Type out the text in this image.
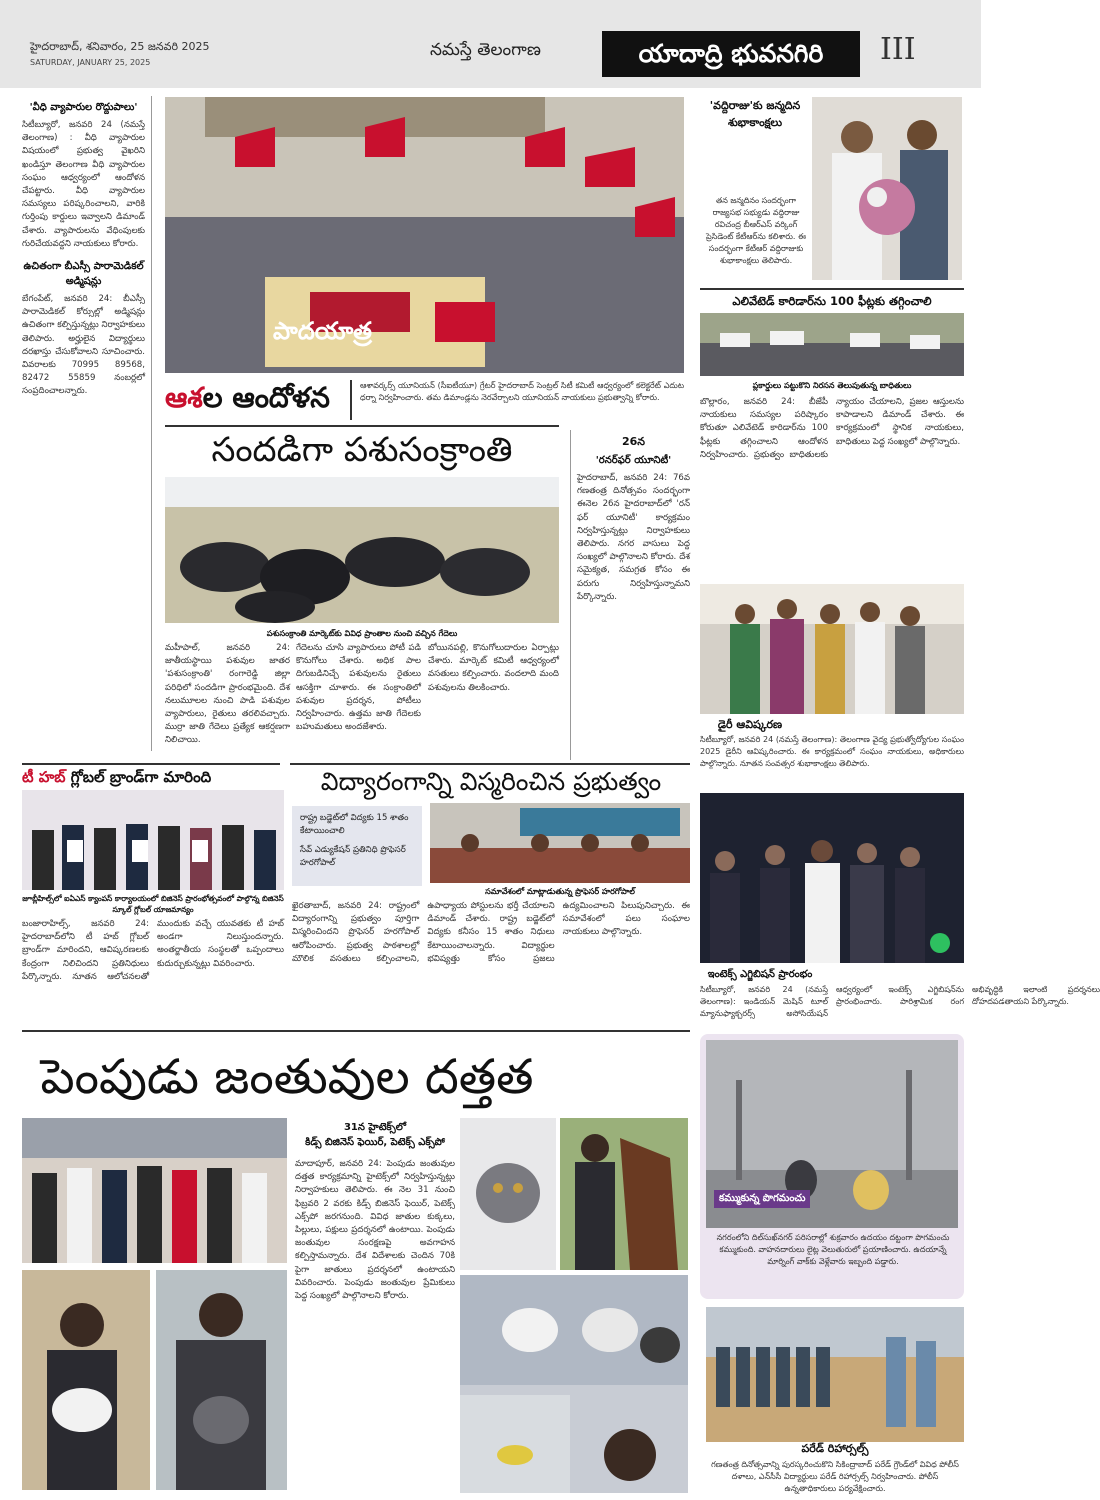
హైదరాబాద్, శనివారం, 25 జనవరి 2025
SATURDAY, JANUARY 25, 2025
నమస్తే తెలంగాణ	యాదాద్రి భువనగిరి	III
'వీధి వ్యాపారుల రొద్దుపాలు'

సిటీబ్యూరో, జనవరి 24 (నమస్తే తెలంగాణ) : వీధి వ్యాపారుల విషయంలో ప్రభుత్వ వైఖరిని ఖండిస్తూ తెలంగాణ వీధి వ్యాపారుల సంఘం ఆధ్వర్యంలో ఆందోళన చేపట్టారు. వీధి వ్యాపారుల సమస్యలు పరిష్కరించాలని, వారికి గుర్తింపు కార్డులు ఇవ్వాలని డిమాండ్ చేశారు. వ్యాపారులను వేధింపులకు గురిచేయవద్దని నాయకులు కోరారు.

ఉచితంగా బీఎస్సీ పారామెడికల్ అడ్మిషన్లు

బేగంపేట్, జనవరి 24: బీఎస్సీ పారామెడికల్ కోర్సుల్లో అడ్మిషన్లు ఉచితంగా కల్పిస్తున్నట్లు నిర్వాహకులు తెలిపారు. అర్హులైన విద్యార్థులు దరఖాస్తు చేసుకోవాలని సూచించారు. వివరాలకు 70995 89568, 82472 55859 నంబర్లలో సంప్రదించాలన్నారు.

పాదయాత్ర
ఆశల ఆందోళన	ఆశావర్కర్స్ యూనియన్ (సీఐటీయూ) గ్రేటర్ హైదరాబాద్ సెంట్రల్ సిటీ కమిటీ ఆధ్వర్యంలో కలెక్టరేట్ ఎదుట ధర్నా నిర్వహించారు. తమ డిమాండ్లను నెరవేర్చాలని యూనియన్ నాయకులు ప్రభుత్వాన్ని కోరారు.
'వద్దిరాజు'కు జన్మదిన శుభాకాంక్షలు
తన జన్మదినం సందర్భంగా రాజ్యసభ సభ్యుడు వద్దిరాజు రవిచంద్ర బీఆర్ఎస్ వర్కింగ్ ప్రెసిడెంట్ కేటీఆర్‌ను కలిశారు. ఈ సందర్భంగా కేటీఆర్ వద్దిరాజుకు శుభాకాంక్షలు తెలిపారు.
ఎలివేటెడ్ కారిడార్‌ను 100 ఫీట్లకు తగ్గించాలి
ప్లకార్డులు పట్టుకొని నిరసన తెలుపుతున్న బాధితులు
బొల్లారం, జనవరి 24: బీజేపీ నాయకులు సమస్యల పరిష్కారం కోరుతూ ఎలివేటెడ్ కారిడార్‌ను 100 ఫీట్లకు తగ్గించాలని ఆందోళన నిర్వహించారు. ప్రభుత్వం బాధితులకు న్యాయం చేయాలని, ప్రజల ఆస్తులను కాపాడాలని డిమాండ్ చేశారు. ఈ కార్యక్రమంలో స్థానిక నాయకులు, బాధితులు పెద్ద సంఖ్యలో పాల్గొన్నారు.
సందడిగా పశుసంక్రాంతి
పశుసంక్రాంతి మార్కెట్‌కు వివిధ ప్రాంతాల నుంచి వచ్చిన గేదెలు
మహీపాల్, జనవరి 24: జాతీయస్థాయి పశువుల జాతర 'పశుసంక్రాంతి' రంగారెడ్డి జిల్లా పరిధిలో సందడిగా ప్రారంభమైంది. దేశ నలుమూలల నుంచి పాడి పశువుల వ్యాపారులు, రైతులు తరలివచ్చారు. ముర్రా జాతి గేదెలు ప్రత్యేక ఆకర్షణగా నిలిచాయి.
గేదెలను చూసి వ్యాపారులు పోటీ పడి కొనుగోలు చేశారు. అధిక పాల దిగుబడినిచ్చే పశువులను రైతులు ఆసక్తిగా చూశారు. ఈ సంక్రాంతిలో పశువుల ప్రదర్శన, పోటీలు నిర్వహించారు. ఉత్తమ జాతి గేదెలకు బహుమతులు అందజేశారు.
బోయినపల్లి, కొనుగోలుదారుల ఏర్పాట్లు చేశారు. మార్కెట్ కమిటీ ఆధ్వర్యంలో వసతులు కల్పించారు. వందలాది మంది పశువులను తిలకించారు.
26న
'రనర్‌ఫర్ యూనిటీ'
హైదరాబాద్, జనవరి 24: 76వ గణతంత్ర దినోత్సవం సందర్భంగా ఈనెల 26న హైదరాబాద్‌లో 'రన్ ఫర్ యూనిటీ' కార్యక్రమం నిర్వహిస్తున్నట్లు నిర్వాహకులు తెలిపారు. నగర వాసులు పెద్ద సంఖ్యలో పాల్గొనాలని కోరారు. దేశ సమైక్యత, సమగ్రత కోసం ఈ పరుగు నిర్వహిస్తున్నామని పేర్కొన్నారు.
డైరీ ఆవిష్కరణ
సిటీబ్యూరో, జనవరి 24 (నమస్తే తెలంగాణ): తెలంగాణ వైద్య ప్రభుత్వోద్యోగుల సంఘం 2025 డైరీని ఆవిష్కరించారు. ఈ కార్యక్రమంలో సంఘం నాయకులు, అధికారులు పాల్గొన్నారు. నూతన సంవత్సర శుభాకాంక్షలు తెలిపారు.
టీ హబ్ గ్లోబల్ బ్రాండ్‌గా మారింది
జూబ్లీహిల్స్‌లో ఐఏఎస్ క్యాంపస్ కార్యాలయంలో బిజినెస్ ప్రారంభోత్సవంలో పాల్గొన్న బిజినెస్ స్కూల్ గ్లోబల్ యాజమాన్యం
బంజారాహిల్స్, జనవరి 24: హైదరాబాద్‌లోని టీ హబ్ గ్లోబల్ బ్రాండ్‌గా మారిందని, ఆవిష్కరణలకు కేంద్రంగా నిలిచిందని ప్రతినిధులు పేర్కొన్నారు. నూతన ఆలోచనలతో ముందుకు వచ్చే యువతకు టీ హబ్ అండగా నిలుస్తుందన్నారు. అంతర్జాతీయ సంస్థలతో ఒప్పందాలు కుదుర్చుకున్నట్లు వివరించారు.
విద్యారంగాన్ని విస్మరించిన ప్రభుత్వం
రాష్ట్ర బడ్జెట్‌లో విద్యకు 15 శాతం కేటాయించాలి
సేవ్ ఎడ్యుకేషన్ ప్రతినిధి ప్రొఫెసర్ హరగోపాల్
సమావేశంలో మాట్లాడుతున్న ప్రొఫెసర్ హరగోపాల్
ఖైరతాబాద్, జనవరి 24: రాష్ట్రంలో విద్యారంగాన్ని ప్రభుత్వం పూర్తిగా విస్మరించిందని ప్రొఫెసర్ హరగోపాల్ ఆరోపించారు. ప్రభుత్వ పాఠశాలల్లో మౌలిక వసతులు కల్పించాలని, ఉపాధ్యాయ పోస్టులను భర్తీ చేయాలని డిమాండ్ చేశారు. రాష్ట్ర బడ్జెట్‌లో విద్యకు కనీసం 15 శాతం నిధులు కేటాయించాలన్నారు. విద్యార్థుల భవిష్యత్తు కోసం ప్రజలు ఉద్యమించాలని పిలుపునిచ్చారు. ఈ సమావేశంలో పలు సంఘాల నాయకులు పాల్గొన్నారు.
ఇంటెక్స్ ఎగ్జిబిషన్ ప్రారంభం
సిటీబ్యూరో, జనవరి 24 (నమస్తే తెలంగాణ): ఇండియన్ మెషిన్ టూల్ మ్యానుఫ్యాక్చరర్స్ అసోసియేషన్ ఆధ్వర్యంలో ఇంటెక్స్ ఎగ్జిబిషన్‌ను ప్రారంభించారు. పారిశ్రామిక రంగ అభివృద్ధికి ఇలాంటి ప్రదర్శనలు దోహదపడతాయని పేర్కొన్నారు.
పెంపుడు జంతువుల దత్తత
31న హైటెక్స్‌లో
కిడ్స్ బిజినెస్ ఫెయిర్, పెటెక్స్ ఎక్స్‌పో
మాదాపూర్, జనవరి 24: పెంపుడు జంతువుల దత్తత కార్యక్రమాన్ని హైటెక్స్‌లో నిర్వహిస్తున్నట్లు నిర్వాహకులు తెలిపారు. ఈ నెల 31 నుంచి ఫిబ్రవరి 2 వరకు కిడ్స్ బిజినెస్ ఫెయిర్, పెటెక్స్ ఎక్స్‌పో జరగనుంది. వివిధ జాతుల కుక్కలు, పిల్లులు, పక్షులు ప్రదర్శనలో ఉంటాయి. పెంపుడు జంతువుల సంరక్షణపై అవగాహన కల్పిస్తామన్నారు. దేశ విదేశాలకు చెందిన 70కి పైగా జాతులు ప్రదర్శనలో ఉంటాయని వివరించారు. పెంపుడు జంతువుల ప్రేమికులు పెద్ద సంఖ్యలో పాల్గొనాలని కోరారు.
కమ్ముకున్న పొగమంచు
నగరంలోని దిల్‌సుఖ్‌నగర్ పరిసరాల్లో శుక్రవారం ఉదయం దట్టంగా పొగమంచు కమ్ముకుంది. వాహనదారులు లైట్ల వెలుతురులో ప్రయాణించారు. ఉదయాన్నే మార్నింగ్ వాక్‌కు వెళ్లేవారు ఇబ్బంది పడ్డారు.
పరేడ్ రిహార్సల్స్
గణతంత్ర దినోత్సవాన్ని పురస్కరించుకొని సికింద్రాబాద్ పరేడ్ గ్రౌండ్‌లో వివిధ పోలీస్ దళాలు, ఎన్‌సీసీ విద్యార్థులు పరేడ్ రిహార్సల్స్ నిర్వహించారు. పోలీస్ ఉన్నతాధికారులు పర్యవేక్షించారు.
